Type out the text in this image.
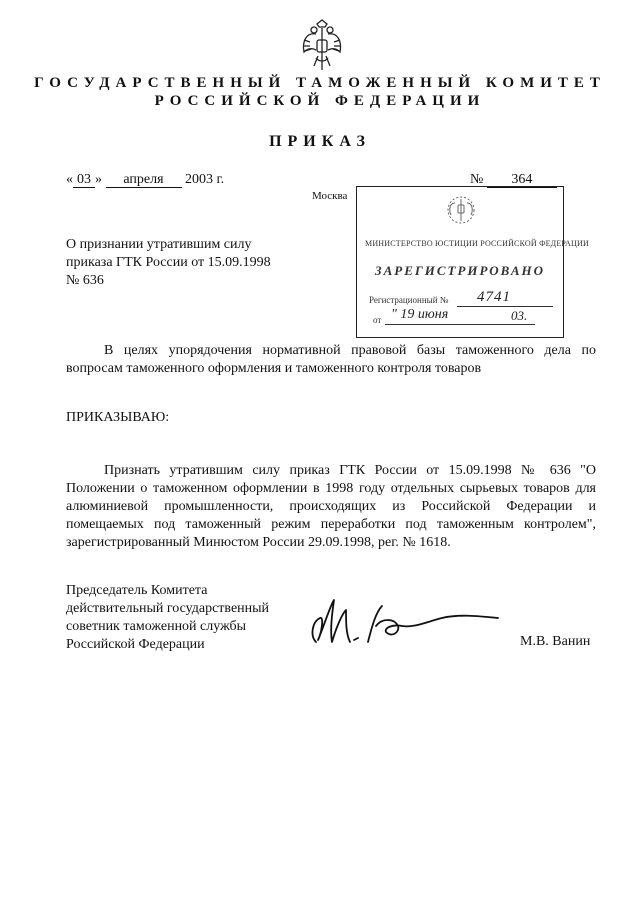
ГОСУДАРСТВЕННЫЙ ТАМОЖЕННЫЙ КОМИТЕТ
РОССИЙСКОЙ ФЕДЕРАЦИИ
ПРИКАЗ
« 03 » апреля 2003 г.	№ 364
Москва
МИНИСТЕРСТВО ЮСТИЦИИ РОССИЙСКОЙ ФЕДЕРАЦИИ
ЗАРЕГИСТРИРОВАНО
Регистрационный № 4741
от " 19 июня	03.
О признании утратившим силу
приказа ГТК России от 15.09.1998
№ 636
В целях упорядочения нормативной правовой базы таможенного дела по вопросам таможенного оформления и таможенного контроля товаров
ПРИКАЗЫВАЮ:
Признать утратившим силу приказ ГТК России от 15.09.1998 № 636 "О Положении о таможенном оформлении в 1998 году отдельных сырьевых товаров для алюминиевой промышленности, происходящих из Российской Федерации и помещаемых под таможенный режим переработки под таможенным контролем", зарегистрированный Минюстом России 29.09.1998, рег. № 1618.
Председатель Комитета
действительный государственный
советник таможенной службы
Российской Федерации	М.В. Ванин
